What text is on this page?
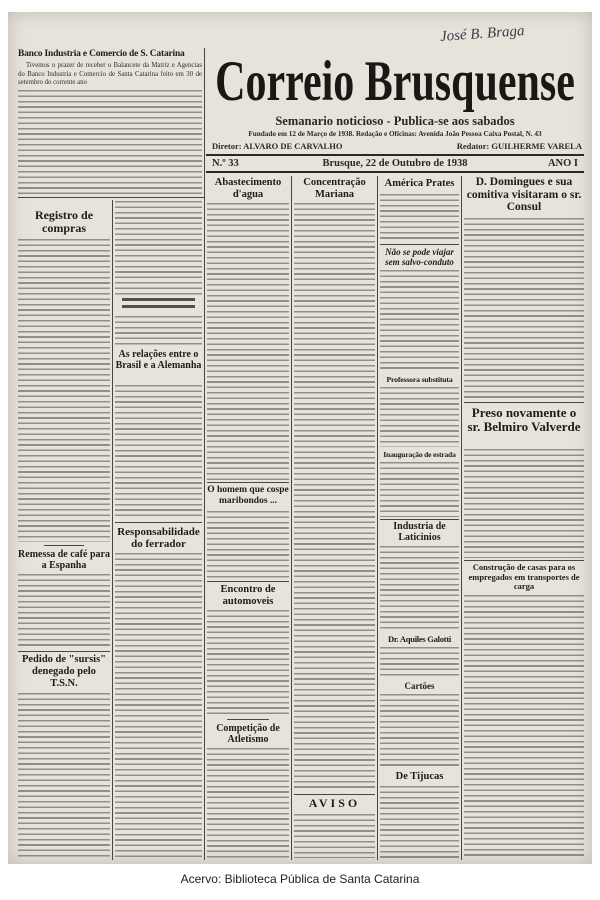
José B. Braga
Banco Industria e Comercio de S. Catarina
Tivemos o prazer de receber o Balancete da Matriz e Agencias do Banco Industria e Comercio de Santa Catarina feito em 30 de setembro do corrente ano	Correio Brusquense
Semanario noticioso - Publica-se aos sabados
Fundado em 12 de Março de 1938. Redação e Oficinas: Avenida João Pessoa Caixa Postal, N. 43
Diretor: ALVARO DE CARVALHO	Redator: GUILHERME VARELA
N.º 33	Brusque, 22 de Outubro de 1938	ANO I
Registro de compras
Remessa de café para a Espanha
Pedido de "sursis" denegado pelo T.S.N.
As relações entre o Brasil e a Alemanha
Responsabilidade do ferrador
Abastecimento d'agua
O homem que cospe maribondos ...
Encontro de automoveis
Competição de Atletismo
Concentração Mariana
AVISO
América Prates
Não se pode viajar sem salvo-conduto
Professora substituta
Inauguração de estrada
Industria de Laticinios
Dr. Aquiles Galotti
Cartões
De Tijucas
D. Domingues e sua comitiva visitaram o sr. Consul
Preso novamente o sr. Belmiro Valverde
Construção de casas para os empregados em transportes de carga
Acervo: Biblioteca Pública de Santa Catarina
